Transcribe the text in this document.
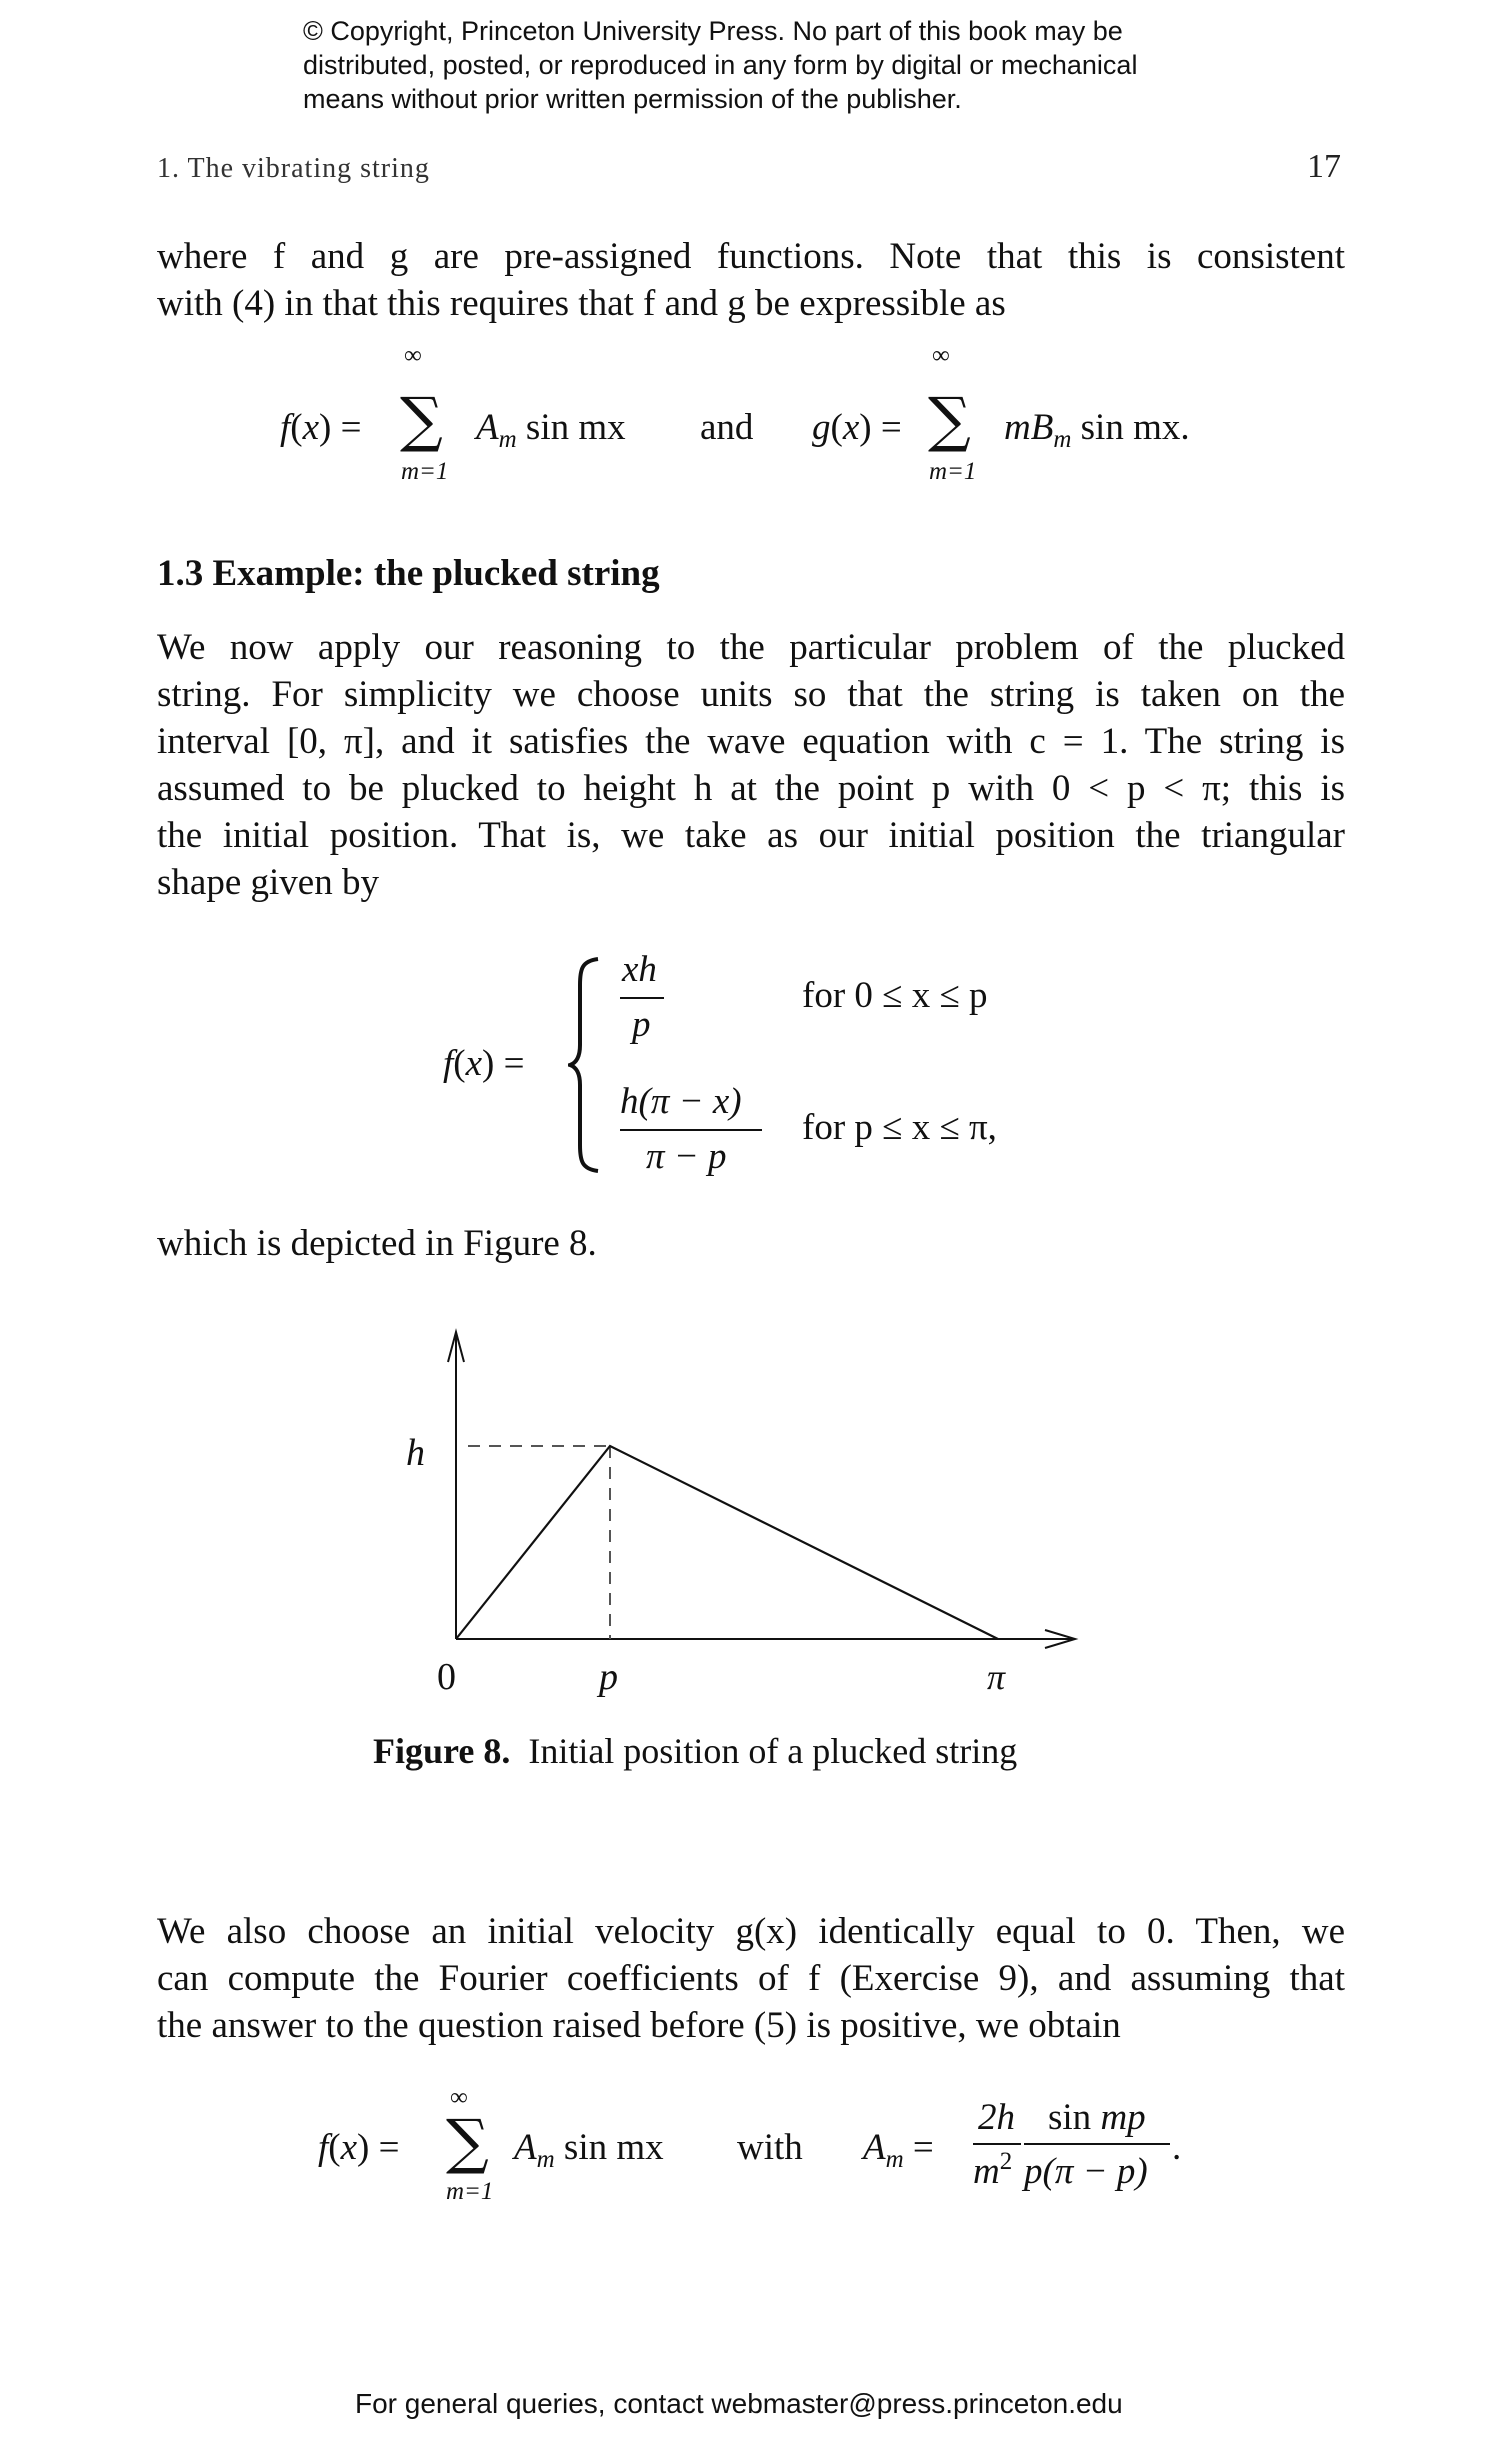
© Copyright, Princeton University Press. No part of this book may be
distributed, posted, or reproduced in any form by digital or mechanical
means without prior written permission of the publisher.
1. The vibrating string	17
where f and g are pre-assigned functions. Note that this is consistent
with (4) in that this requires that f and g be expressible as
f(x) =
∞
∑
m=1
$A_m$ sin mx and g(x) =
∞
∑
m=1
$mB_m$ sin mx.
1.3 Example: the plucked string
We now apply our reasoning to the particular problem of the plucked
string. For simplicity we choose units so that the string is taken on the
interval [0, π], and it satisfies the wave equation with c = 1. The string is
assumed to be plucked to height h at the point p with 0 < p < π; this is
the initial position. That is, we take as our initial position the triangular
shape given by
f(x) =
xh
p
for 0 ≤ x ≤ p
h(π − x)
π − p
for p ≤ x ≤ π,
which is depicted in Figure 8.
h
0	p	π
Figure 8. Initial position of a plucked string
We also choose an initial velocity g(x) identically equal to 0. Then, we
can compute the Fourier coefficients of f (Exercise 9), and assuming that
the answer to the question raised before (5) is positive, we obtain
f(x) =
∞
∑
m=1
$A_m$ sin mx with $A_m$ =
2h
$m^2$
sin mp
p(π − p)
.
For general queries, contact webmaster@press.princeton.edu
